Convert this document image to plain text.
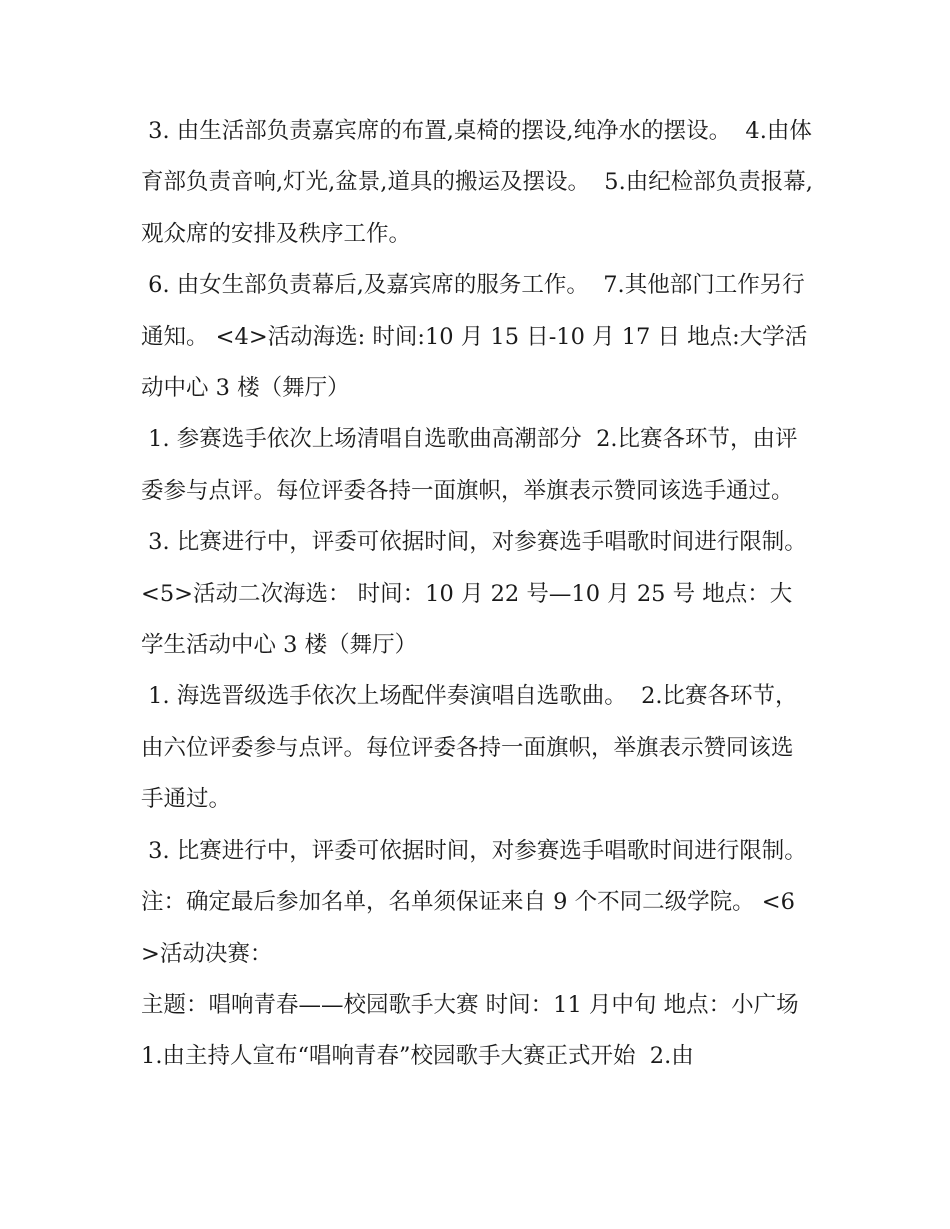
3. 由生活部负责嘉宾席的布置,桌椅的摆设,纯净水的摆设。  4.由体育部负责音响,灯光,盆景,道具的搬运及摆设。  5.由纪检部负责报幕,观众席的安排及秩序工作。

6. 由女生部负责幕后,及嘉宾席的服务工作。  7.其他部门工作另行通知。 <4>活动海选: 时间:10 月 15 日-10 月 17 日 地点:大学活动中心 3 楼（舞厅）

1. 参赛选手依次上场清唱自选歌曲高潮部分  2.比赛各环节，由评委参与点评。每位评委各持一面旗帜，举旗表示赞同该选手通过。

3. 比赛进行中，评委可依据时间，对参赛选手唱歌时间进行限制。 <5>活动二次海选： 时间：10 月 22 号—10 月 25 号 地点：大学生活动中心 3 楼（舞厅）

1. 海选晋级选手依次上场配伴奏演唱自选歌曲。  2.比赛各环节，由六位评委参与点评。每位评委各持一面旗帜，举旗表示赞同该选手通过。

3. 比赛进行中，评委可依据时间，对参赛选手唱歌时间进行限制。 注：确定最后参加名单，名单须保证来自 9 个不同二级学院。 <6>活动决赛：

主题：唱响青春——校园歌手大赛 时间：11 月中旬 地点：小广场  1.由主持人宣布“唱响青春”校园歌手大赛正式开始  2.由
